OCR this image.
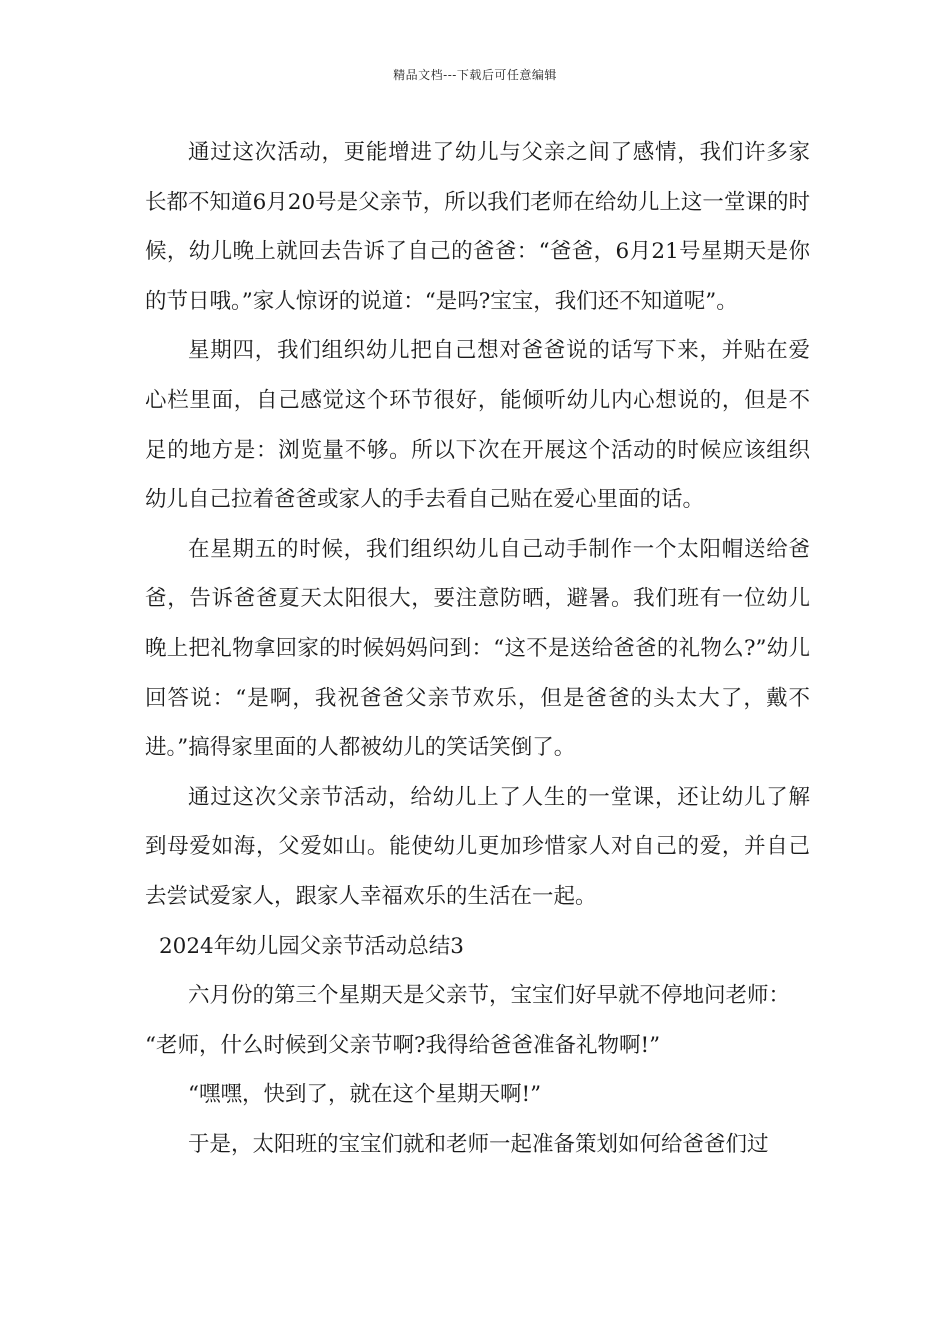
精品文档---下载后可任意编辑

通过这次活动，更能增进了幼儿与父亲之间了感情，我们许多家长都不知道6月20号是父亲节，所以我们老师在给幼儿上这一堂课的时候，幼儿晚上就回去告诉了自己的爸爸：“爸爸，6月21号星期天是你的节日哦。”家人惊讶的说道：“是吗?宝宝，我们还不知道呢”。

星期四，我们组织幼儿把自己想对爸爸说的话写下来，并贴在爱心栏里面，自己感觉这个环节很好，能倾听幼儿内心想说的，但是不足的地方是：浏览量不够。所以下次在开展这个活动的时候应该组织幼儿自己拉着爸爸或家人的手去看自己贴在爱心里面的话。

在星期五的时候，我们组织幼儿自己动手制作一个太阳帽送给爸爸，告诉爸爸夏天太阳很大，要注意防晒，避暑。我们班有一位幼儿晚上把礼物拿回家的时候妈妈问到：“这不是送给爸爸的礼物么?”幼儿回答说：“是啊，我祝爸爸父亲节欢乐，但是爸爸的头太大了，戴不进。”搞得家里面的人都被幼儿的笑话笑倒了。

通过这次父亲节活动，给幼儿上了人生的一堂课，还让幼儿了解到母爱如海，父爱如山。能使幼儿更加珍惜家人对自己的爱，并自己去尝试爱家人，跟家人幸福欢乐的生活在一起。

2024年幼儿园父亲节活动总结3

六月份的第三个星期天是父亲节，宝宝们好早就不停地问老师：

“老师，什么时候到父亲节啊?我得给爸爸准备礼物啊!”

“嘿嘿，快到了，就在这个星期天啊!”

于是，太阳班的宝宝们就和老师一起准备策划如何给爸爸们过
